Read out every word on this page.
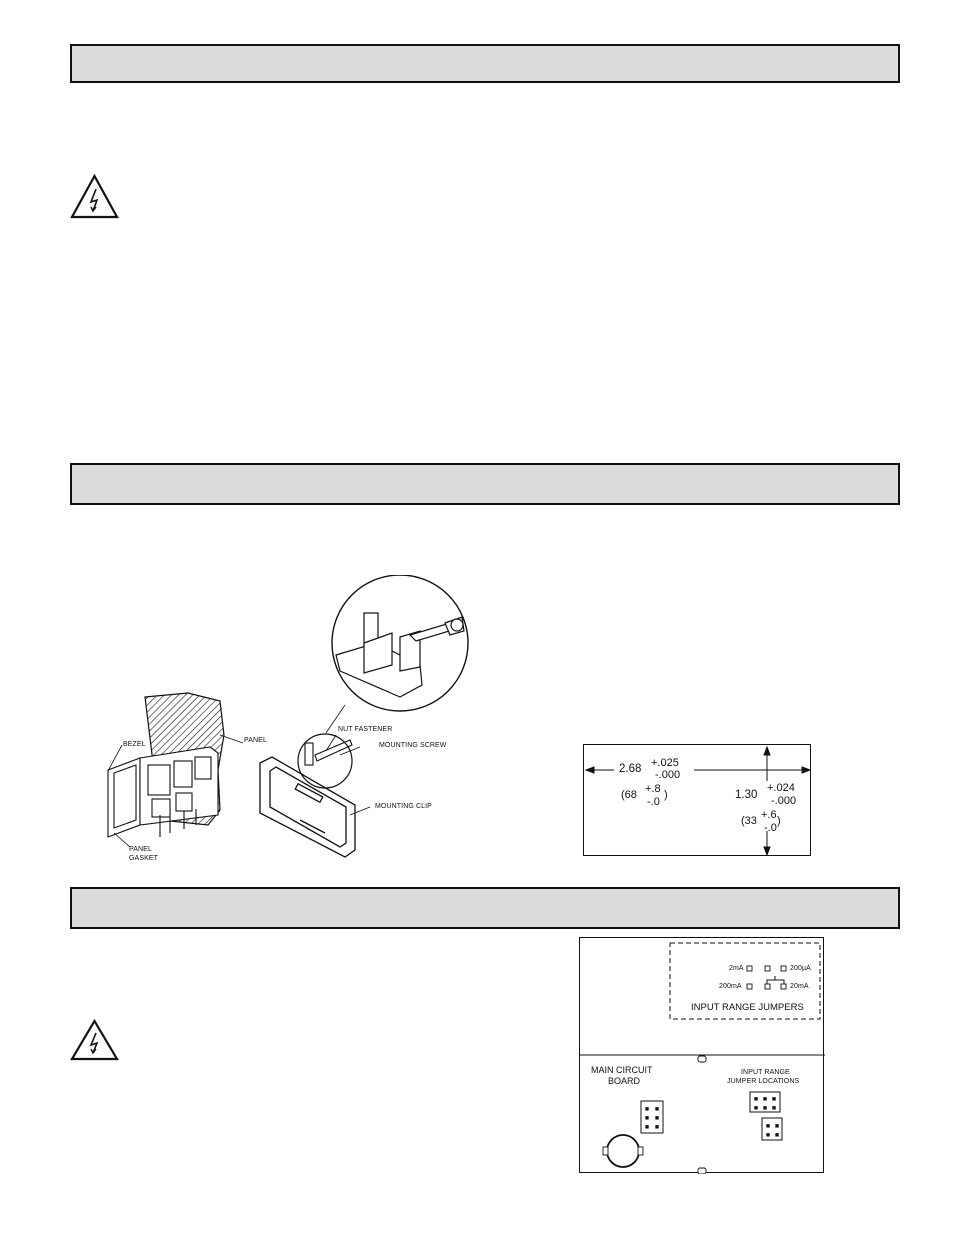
BEZEL
PANEL
PANEL
GASKET
NUT FASTENER
MOUNTING SCREW
MOUNTING CLIP
2.68 +.025
-.000
(68 +.8
-.0
)	1.30
+.024
-.000
(33 +.6
-.0
)
■ ■
■ ■
■ ■
■ ■ ■
■ ■ ■
■ ■
■ ■
2mA	200µA
200mA	20mA
INPUT RANGE JUMPERS
MAIN CIRCUIT
BOARD
INPUT RANGE
JUMPER LOCATIONS
